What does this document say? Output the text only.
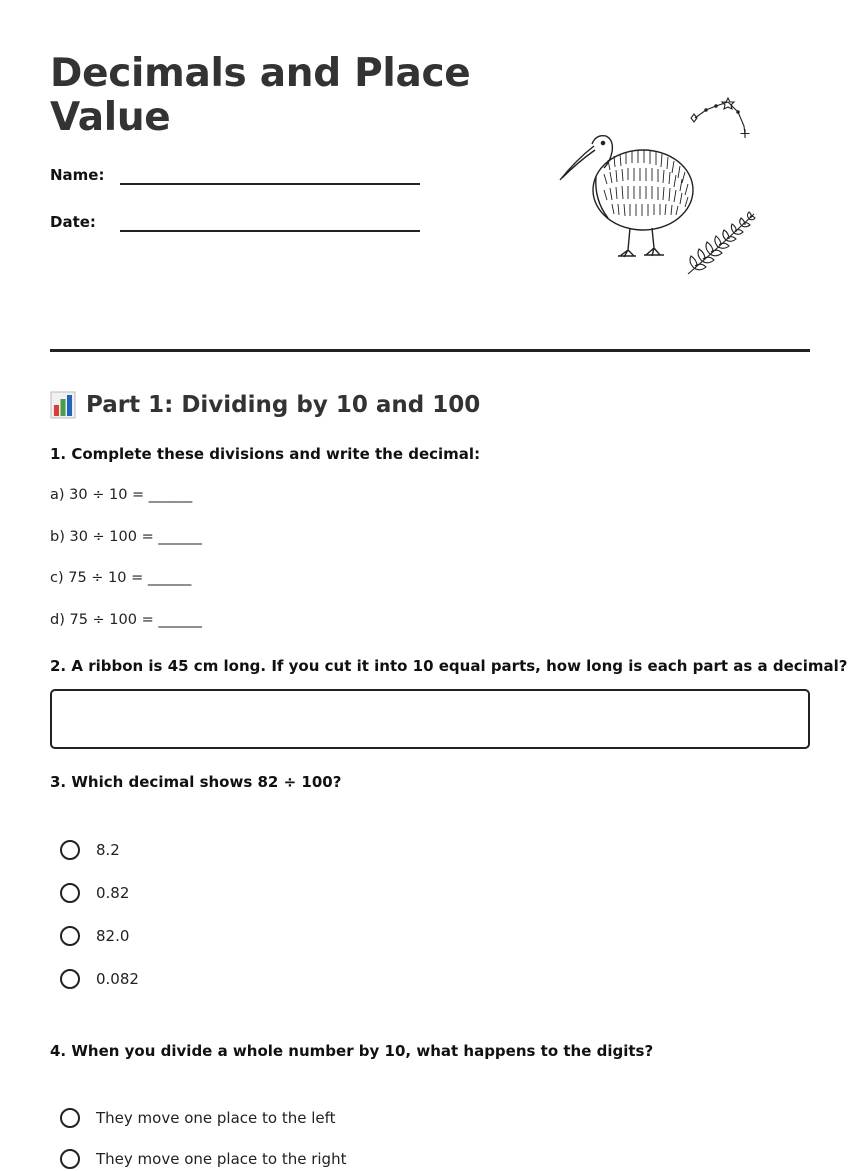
Decimals and Place Value
Name:
Date:
Part 1: Dividing by 10 and 100

1. Complete these divisions and write the decimal:

a) 30 ÷ 10 = ______
b) 30 ÷ 100 = ______
c) 75 ÷ 10 = ______
d) 75 ÷ 100 = ______

2. A ribbon is 45 cm long. If you cut it into 10 equal parts, how long is each part as a decimal?

3. Which decimal shows 82 ÷ 100?

8.2
0.82
82.0
0.082

4. When you divide a whole number by 10, what happens to the digits?

They move one place to the left
They move one place to the right
